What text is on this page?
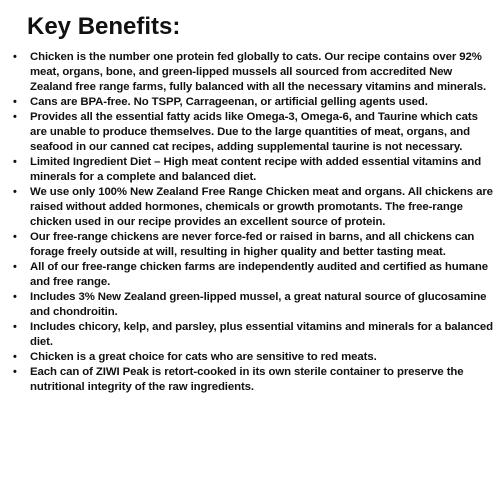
Key Benefits:
• Chicken is the number one protein fed globally to cats. Our recipe contains over 92% meat, organs, bone, and green-lipped mussels all sourced from accredited New Zealand free range farms, fully balanced with all the necessary vitamins and minerals.
• Cans are BPA-free. No TSPP, Carrageenan, or artificial gelling agents used.
• Provides all the essential fatty acids like Omega-3, Omega-6, and Taurine which cats are unable to produce themselves. Due to the large quantities of meat, organs, and seafood in our canned cat recipes, adding supplemental taurine is not necessary.
• Limited Ingredient Diet – High meat content recipe with added essential vitamins and minerals for a complete and balanced diet.
• We use only 100% New Zealand Free Range Chicken meat and organs. All chickens are raised without added hormones, chemicals or growth promotants. The free-range chicken used in our recipe provides an excellent source of protein.
• Our free-range chickens are never force-fed or raised in barns, and all chickens can forage freely outside at will, resulting in higher quality and better tasting meat.
• All of our free-range chicken farms are independently audited and certified as humane and free range.
• Includes 3% New Zealand green-lipped mussel, a great natural source of glucosamine and chondroitin.
• Includes chicory, kelp, and parsley, plus essential vitamins and minerals for a balanced diet.
• Chicken is a great choice for cats who are sensitive to red meats.
• Each can of ZIWI Peak is retort-cooked in its own sterile container to preserve the nutritional integrity of the raw ingredients.
